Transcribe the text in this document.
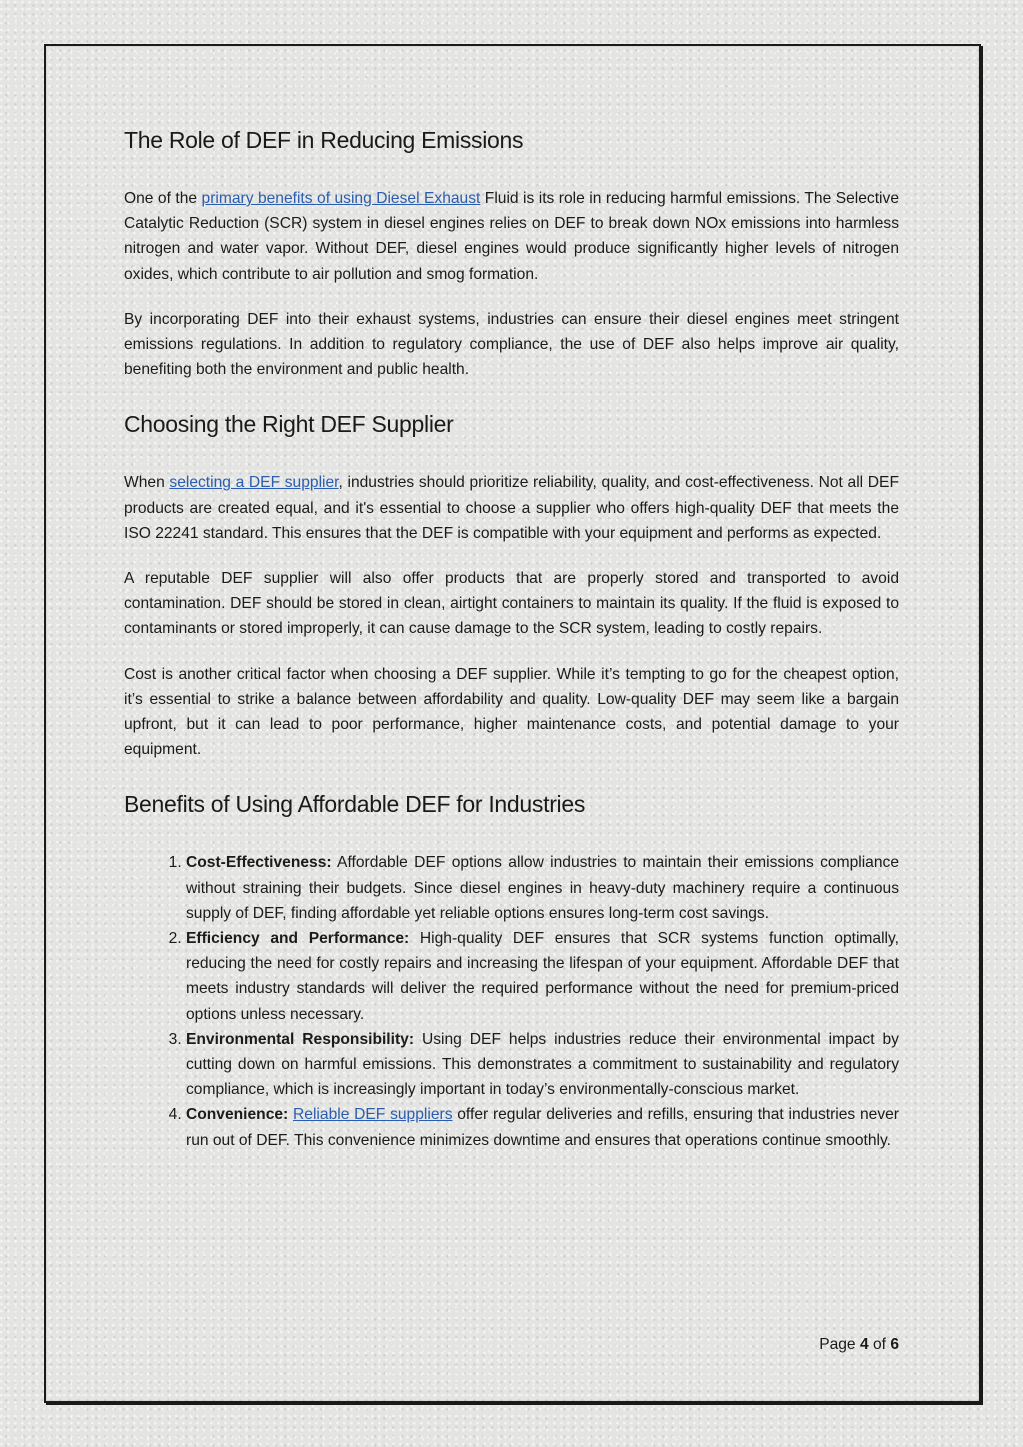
The Role of DEF in Reducing Emissions

One of the primary benefits of using Diesel Exhaust Fluid is its role in reducing harmful emissions. The Selective Catalytic Reduction (SCR) system in diesel engines relies on DEF to break down NOx emissions into harmless nitrogen and water vapor. Without DEF, diesel engines would produce significantly higher levels of nitrogen oxides, which contribute to air pollution and smog formation.

By incorporating DEF into their exhaust systems, industries can ensure their diesel engines meet stringent emissions regulations. In addition to regulatory compliance, the use of DEF also helps improve air quality, benefiting both the environment and public health.

Choosing the Right DEF Supplier

When selecting a DEF supplier, industries should prioritize reliability, quality, and cost-effectiveness. Not all DEF products are created equal, and it's essential to choose a supplier who offers high-quality DEF that meets the ISO 22241 standard. This ensures that the DEF is compatible with your equipment and performs as expected.

A reputable DEF supplier will also offer products that are properly stored and transported to avoid contamination. DEF should be stored in clean, airtight containers to maintain its quality. If the fluid is exposed to contaminants or stored improperly, it can cause damage to the SCR system, leading to costly repairs.

Cost is another critical factor when choosing a DEF supplier. While it’s tempting to go for the cheapest option, it’s essential to strike a balance between affordability and quality. Low-quality DEF may seem like a bargain upfront, but it can lead to poor performance, higher maintenance costs, and potential damage to your equipment.

Benefits of Using Affordable DEF for Industries
1. Cost-Effectiveness: Affordable DEF options allow industries to maintain their emissions compliance without straining their budgets. Since diesel engines in heavy-duty machinery require a continuous supply of DEF, finding affordable yet reliable options ensures long-term cost savings.
2. Efficiency and Performance: High-quality DEF ensures that SCR systems function optimally, reducing the need for costly repairs and increasing the lifespan of your equipment. Affordable DEF that meets industry standards will deliver the required performance without the need for premium-priced options unless necessary.
3. Environmental Responsibility: Using DEF helps industries reduce their environmental impact by cutting down on harmful emissions. This demonstrates a commitment to sustainability and regulatory compliance, which is increasingly important in today’s environmentally-conscious market.
4. Convenience: Reliable DEF suppliers offer regular deliveries and refills, ensuring that industries never run out of DEF. This convenience minimizes downtime and ensures that operations continue smoothly.
Page 4 of 6
